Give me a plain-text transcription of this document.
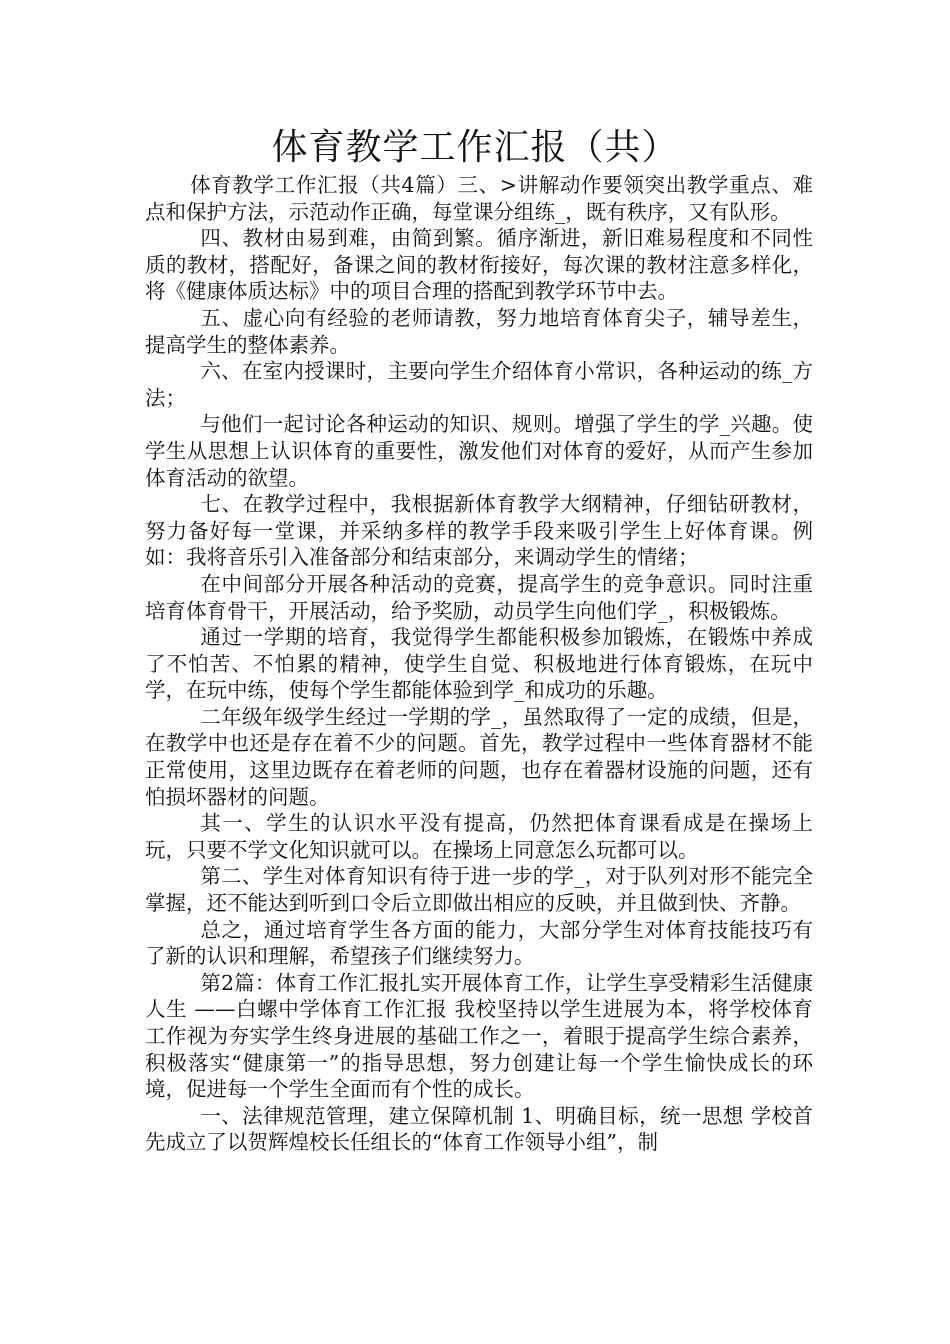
体育教学工作汇报（共）

体育教学工作汇报（共4篇）三、>讲解动作要领突出教学重点、难点和保护方法，示范动作正确，每堂课分组练_，既有秩序，又有队形。

四、教材由易到难，由简到繁。循序渐进，新旧难易程度和不同性质的教材，搭配好，备课之间的教材衔接好，每次课的教材注意多样化，将《健康体质达标》中的项目合理的搭配到教学环节中去。

五、虚心向有经验的老师请教，努力地培育体育尖子，辅导差生，提高学生的整体素养。

六、在室内授课时，主要向学生介绍体育小常识，各种运动的练_方法；

与他们一起讨论各种运动的知识、规则。增强了学生的学_兴趣。使学生从思想上认识体育的重要性，激发他们对体育的爱好，从而产生参加体育活动的欲望。

七、在教学过程中，我根据新体育教学大纲精神，仔细钻研教材，努力备好每一堂课，并采纳多样的教学手段来吸引学生上好体育课。例如：我将音乐引入准备部分和结束部分，来调动学生的情绪；

在中间部分开展各种活动的竞赛，提高学生的竞争意识。同时注重培育体育骨干，开展活动，给予奖励，动员学生向他们学_，积极锻炼。

通过一学期的培育，我觉得学生都能积极参加锻炼，在锻炼中养成了不怕苦、不怕累的精神，使学生自觉、积极地进行体育锻炼，在玩中学，在玩中练，使每个学生都能体验到学_和成功的乐趣。

二年级年级学生经过一学期的学_，虽然取得了一定的成绩，但是，在教学中也还是存在着不少的问题。首先，教学过程中一些体育器材不能正常使用，这里边既存在着老师的问题，也存在着器材设施的问题，还有怕损坏器材的问题。

其一、学生的认识水平没有提高，仍然把体育课看成是在操场上玩，只要不学文化知识就可以。在操场上同意怎么玩都可以。

第二、学生对体育知识有待于进一步的学_，对于队列对形不能完全掌握，还不能达到听到口令后立即做出相应的反映，并且做到快、齐静。

总之，通过培育学生各方面的能力，大部分学生对体育技能技巧有了新的认识和理解，希望孩子们继续努力。

第2篇：体育工作汇报扎实开展体育工作，让学生享受精彩生活健康人生 ——白螺中学体育工作汇报 我校坚持以学生进展为本，将学校体育工作视为夯实学生终身进展的基础工作之一，着眼于提高学生综合素养，积极落实“健康第一”的指导思想，努力创建让每一个学生愉快成长的环境，促进每一个学生全面而有个性的成长。

一、法律规范管理，建立保障机制 1、明确目标，统一思想 学校首先成立了以贺辉煌校长任组长的“体育工作领导小组”，制
